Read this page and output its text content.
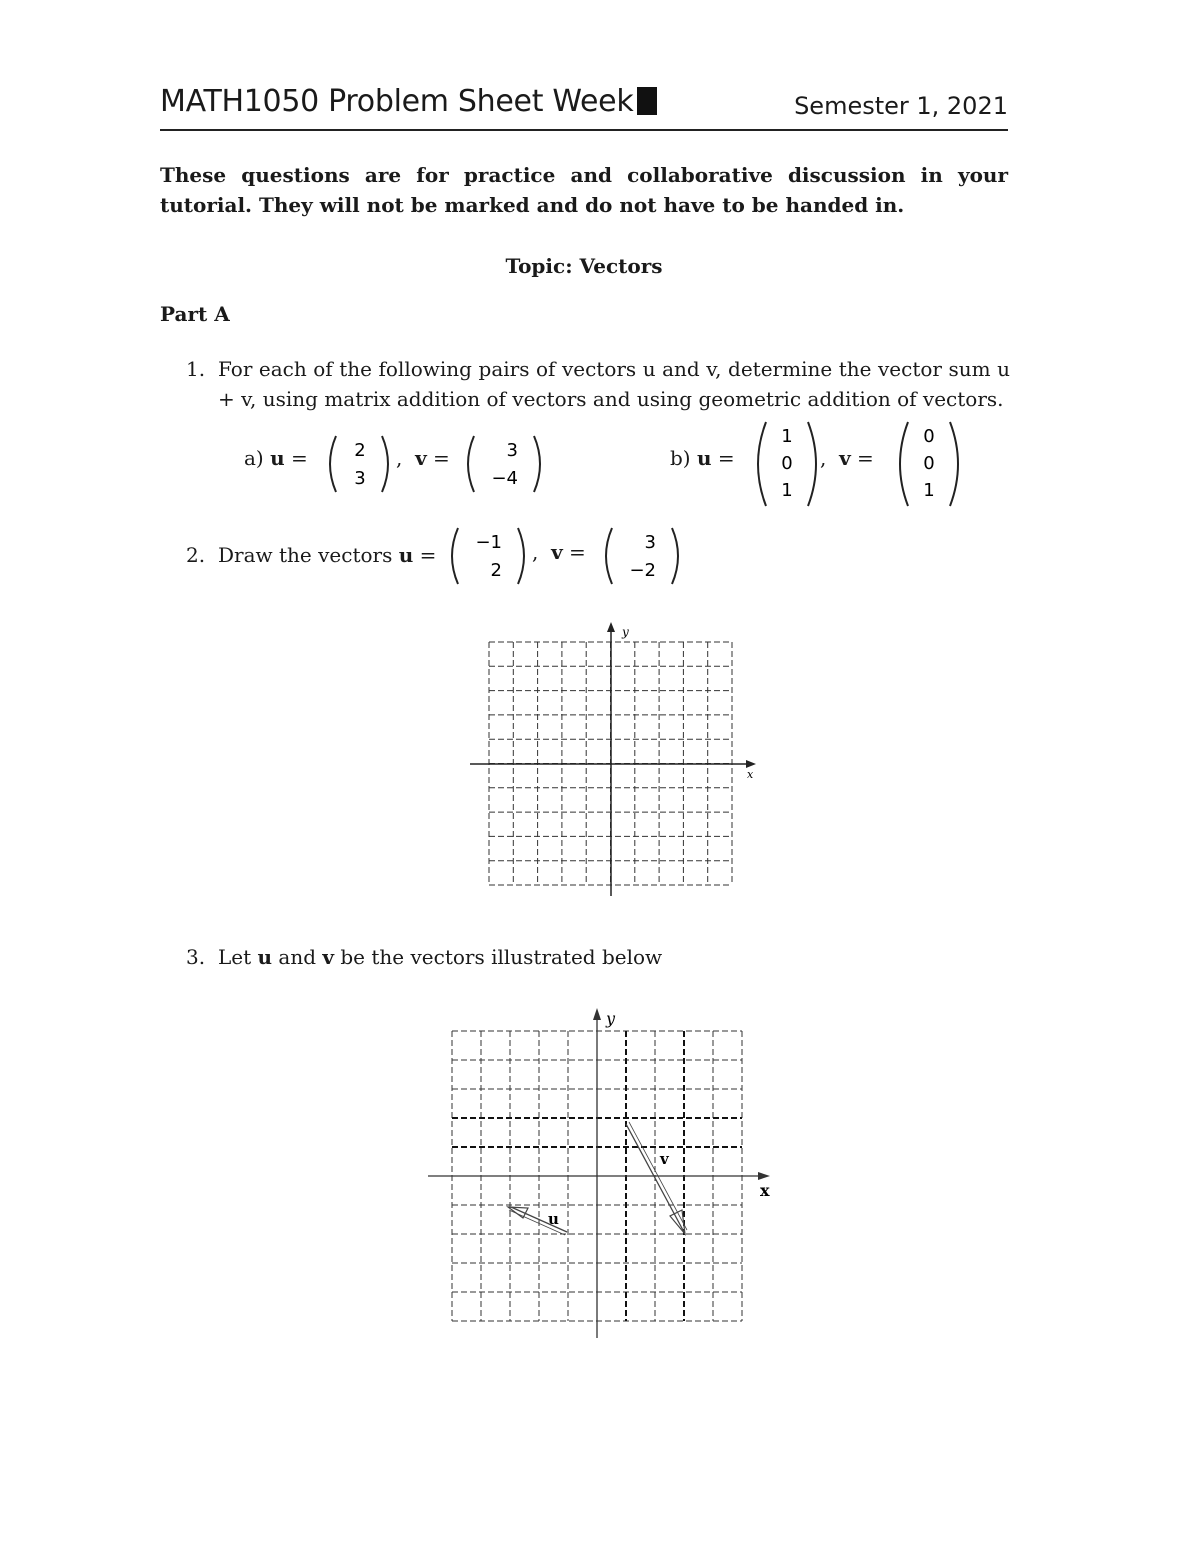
MATH1050 Problem Sheet Week	Semester 1, 2021
These questions are for practice and collaborative discussion in your tutorial. They will not be marked and do not have to be handed in.
Topic: Vectors
Part A
1. For each of the following pairs of vectors u and v, determine the vector sum u + v, using matrix addition of vectors and using geometric addition of vectors.
a) u =	2
3
,  v =	3
−4
b) u =
1
0
1
,  v =
0
0
1
2. Draw the vectors u =
−1
2
,  v =	3
−2
x
y
3. Let u and v be the vectors illustrated below
x
y
v
u
